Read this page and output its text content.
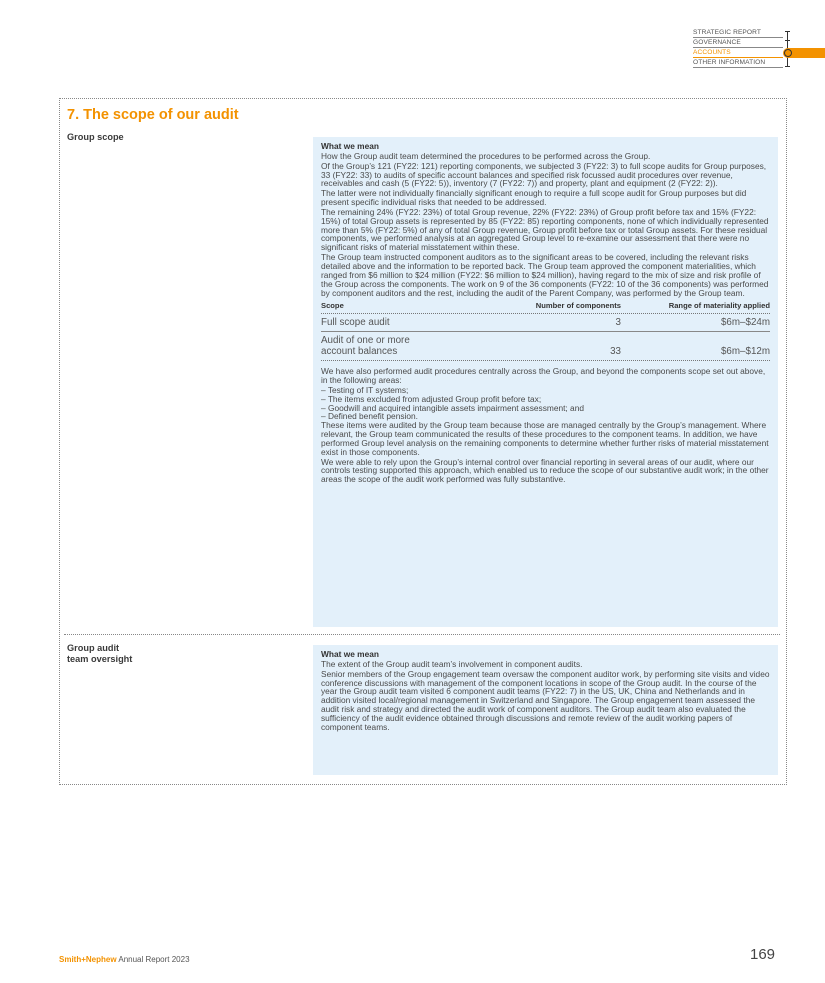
STRATEGIC REPORT
GOVERNANCE
ACCOUNTS
OTHER INFORMATION
7. The scope of our audit
Group scope

What we mean

How the Group audit team determined the procedures to be performed across the Group.

Of the Group’s 121 (FY22: 121) reporting components, we subjected 3 (FY22: 3) to full scope audits for Group purposes, 33 (FY22: 33) to audits of specific account balances and specified risk focussed audit procedures over revenue, receivables and cash (5 (FY22: 5)), inventory (7 (FY22: 7)) and property, plant and equipment (2 (FY22: 2)).

The latter were not individually financially significant enough to require a full scope audit for Group purposes but did present specific individual risks that needed to be addressed.

The remaining 24% (FY22: 23%) of total Group revenue, 22% (FY22: 23%) of Group profit before tax and 15% (FY22: 15%) of total Group assets is represented by 85 (FY22: 85) reporting components, none of which individually represented more than 5% (FY22: 5%) of any of total Group revenue, Group profit before tax or total Group assets. For these residual components, we performed analysis at an aggregated Group level to re-examine our assessment that there were no significant risks of material misstatement within these.

The Group team instructed component auditors as to the significant areas to be covered, including the relevant risks detailed above and the information to be reported back. The Group team approved the component materialities, which ranged from $6 million to $24 million (FY22: $6 million to $24 million), having regard to the mix of size and risk profile of the Group across the components. The work on 9 of the 36 components (FY22: 10 of the 36 components) was performed by component auditors and the rest, including the audit of the Parent Company, was performed by the Group team.

Scope	Number of components	Range of materiality applied
Full scope audit	3	$6m–$24m
Audit of one or more
account balances	33	$6m–$12m

We have also performed audit procedures centrally across the Group, and beyond the components scope set out above, in the following areas:

– Testing of IT systems;
– The items excluded from adjusted Group profit before tax;
– Goodwill and acquired intangible assets impairment assessment; and
– Defined benefit pension.

These items were audited by the Group team because those are managed centrally by the Group’s management. Where relevant, the Group team communicated the results of these procedures to the component teams. In addition, we have performed Group level analysis on the remaining components to determine whether further risks of material misstatement exist in those components.

We were able to rely upon the Group’s internal control over financial reporting in several areas of our audit, where our controls testing supported this approach, which enabled us to reduce the scope of our substantive audit work; in the other areas the scope of the audit work performed was fully substantive.

Group audit
team oversight	What we mean

The extent of the Group audit team’s involvement in component audits.

Senior members of the Group engagement team oversaw the component auditor work, by performing site visits and video conference discussions with management of the component locations in scope of the Group audit. In the course of the year the Group audit team visited 6 component audit teams (FY22: 7) in the US, UK, China and Netherlands and in addition visited local/regional management in Switzerland and Singapore. The Group engagement team assessed the audit risk and strategy and directed the audit work of component auditors. The Group audit team also evaluated the sufficiency of the audit evidence obtained through discussions and remote review of the audit working papers of component teams.

Smith+Nephew Annual Report 2023	169
